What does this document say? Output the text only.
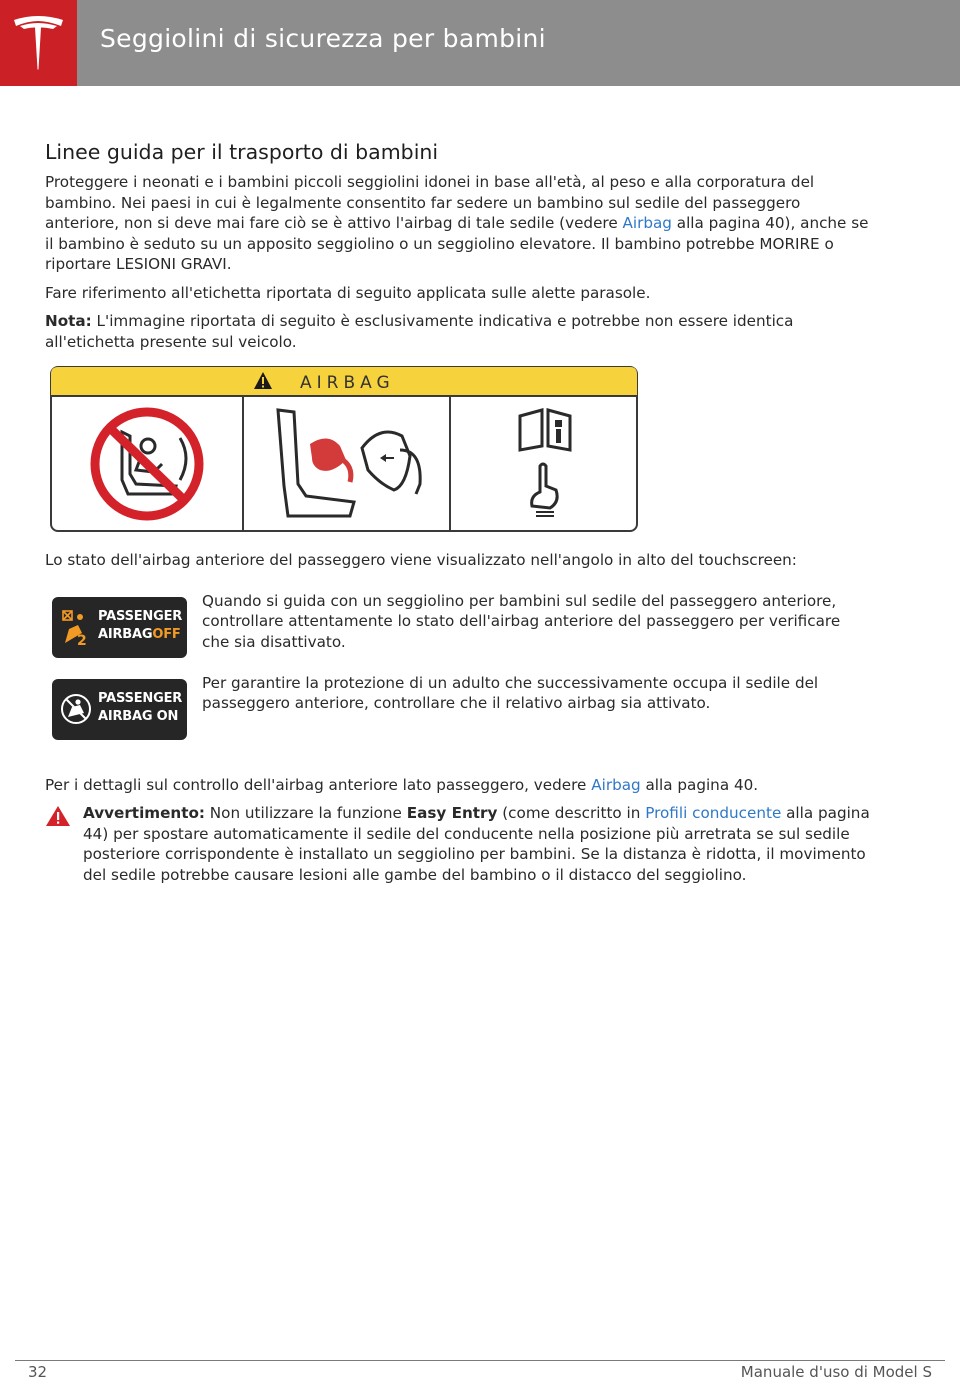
Seggiolini di sicurezza per bambini
Linee guida per il trasporto di bambini

Proteggere i neonati e i bambini piccoli seggiolini idonei in base all'età, al peso e alla corporatura del bambino. Nei paesi in cui è legalmente consentito far sedere un bambino sul sedile del passeggero anteriore, non si deve mai fare ciò se è attivo l'airbag di tale sedile (vedere Airbag alla pagina 40), anche se il bambino è seduto su un apposito seggiolino o un seggiolino elevatore. Il bambino potrebbe MORIRE o riportare LESIONI GRAVI.

Fare riferimento all'etichetta riportata di seguito applicata sulle alette parasole.

Nota: L'immagine riportata di seguito è esclusivamente indicativa e potrebbe non essere identica all'etichetta presente sul veicolo.

AIRBAG

Lo stato dell'airbag anteriore del passeggero viene visualizzato nell'angolo in alto del touchscreen:

2
PASSENGER
AIRBAGOFF
Quando si guida con un seggiolino per bambini sul sedile del passeggero anteriore, controllare attentamente lo stato dell'airbag anteriore del passeggero per verificare che sia disattivato.
PASSENGER
AIRBAG ON
Per garantire la protezione di un adulto che successivamente occupa il sedile del passeggero anteriore, controllare che il relativo airbag sia attivato.

Per i dettagli sul controllo dell'airbag anteriore lato passeggero, vedere Airbag alla pagina 40.

Avvertimento: Non utilizzare la funzione Easy Entry (come descritto in Profili conducente alla pagina 44) per spostare automaticamente il sedile del conducente nella posizione più arretrata se sul sedile posteriore corrispondente è installato un seggiolino per bambini. Se la distanza è ridotta, il movimento del sedile potrebbe causare lesioni alle gambe del bambino o il distacco del seggiolino.

32	Manuale d'uso di Model S
